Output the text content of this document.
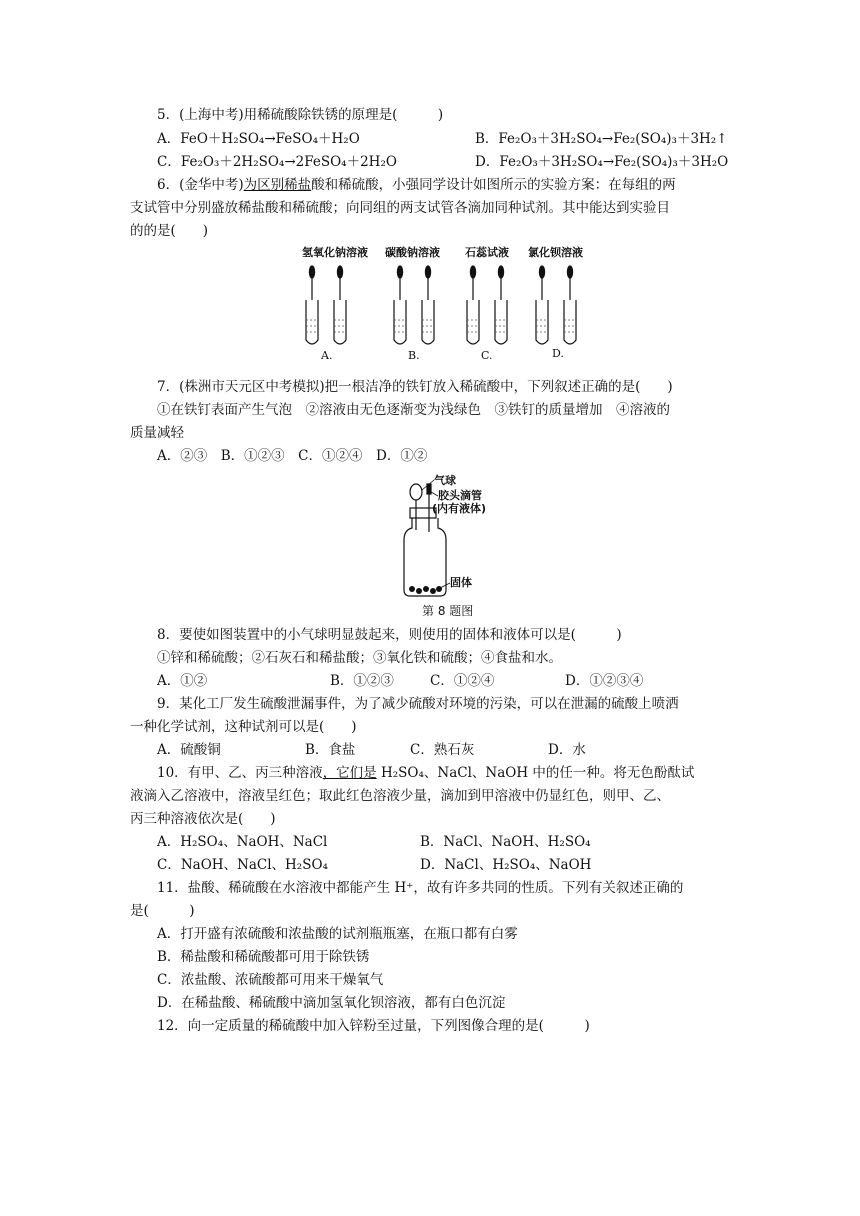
5．(上海中考)用稀硫酸除铁锈的原理是(　　　)
A．FeO＋H₂SO₄→FeSO₄＋H₂O	B．Fe₂O₃＋3H₂SO₄→Fe₂(SO₄)₃＋3H₂↑
C．Fe₂O₃＋2H₂SO₄→2FeSO₄＋2H₂O	D．Fe₂O₃＋3H₂SO₄→Fe₂(SO₄)₃＋3H₂O
6．(金华中考)为区别稀盐酸和稀硫酸，小强同学设计如图所示的实验方案：在每组的两
支试管中分别盛放稀盐酸和稀硫酸；向同组的两支试管各滴加同种试剂。其中能达到实验目
的的是(　　)
氢氧化钠溶液 碳酸钠溶液 石蕊试液 氯化钡溶液
A.	B.	C.	D.
7．(株洲市天元区中考模拟)把一根洁净的铁钉放入稀硫酸中，下列叙述正确的是(　　)
①在铁钉表面产生气泡　②溶液由无色逐渐变为浅绿色　③铁钉的质量增加　④溶液的
质量减轻
A．②③　B．①②③　C．①②④　D．①②
气球
胶头滴管
(内有液体)
固体
第 8 题图
8．要使如图装置中的小气球明显鼓起来，则使用的固体和液体可以是(　　　)
①锌和稀硫酸；②石灰石和稀盐酸；③氧化铁和硫酸；④食盐和水。
A．①②	B．①②③	C．①②④	D．①②③④
9．某化工厂发生硫酸泄漏事件，为了减少硫酸对环境的污染，可以在泄漏的硫酸上喷洒
一种化学试剂，这种试剂可以是(　　)
A．硫酸铜	B．食盐	C．熟石灰	D．水
10．有甲、乙、丙三种溶液，它们是 H₂SO₄、NaCl、NaOH 中的任一种。将无色酚酞试
液滴入乙溶液中，溶液呈红色；取此红色溶液少量，滴加到甲溶液中仍显红色，则甲、乙、
丙三种溶液依次是(　　)
A．H₂SO₄、NaOH、NaCl	B．NaCl、NaOH、H₂SO₄
C．NaOH、NaCl、H₂SO₄	D．NaCl、H₂SO₄、NaOH
11．盐酸、稀硫酸在水溶液中都能产生 H⁺，故有许多共同的性质。下列有关叙述正确的
是(　　　)
A．打开盛有浓硫酸和浓盐酸的试剂瓶瓶塞，在瓶口都有白雾
B．稀盐酸和稀硫酸都可用于除铁锈
C．浓盐酸、浓硫酸都可用来干燥氧气
D．在稀盐酸、稀硫酸中滴加氢氧化钡溶液，都有白色沉淀
12．向一定质量的稀硫酸中加入锌粉至过量，下列图像合理的是(　　　)
